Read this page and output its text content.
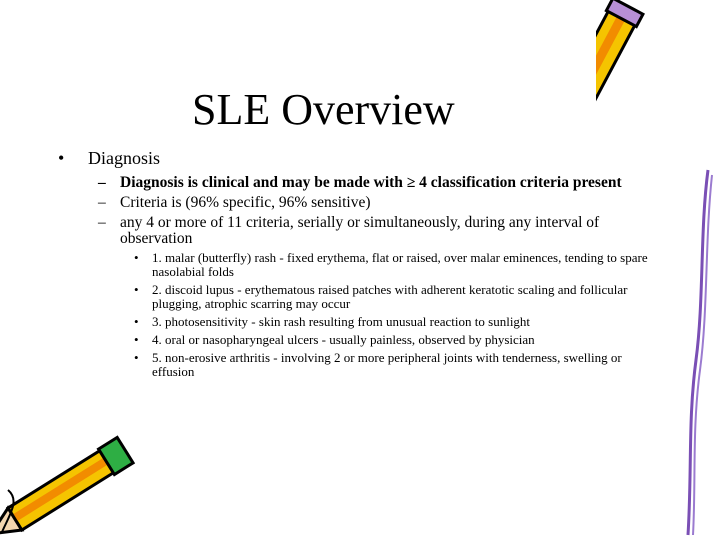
SLE Overview
• Diagnosis
– Diagnosis is clinical and may be made with ≥ 4 classification criteria present
– Criteria is (96% specific, 96% sensitive)
– any 4 or more of 11 criteria, serially or simultaneously, during any interval of observation
• 1. malar (butterfly) rash - fixed erythema, flat or raised, over malar eminences, tending to spare nasolabial folds
• 2. discoid lupus - erythematous raised patches with adherent keratotic scaling and follicular plugging, atrophic scarring may occur
• 3. photosensitivity - skin rash resulting from unusual reaction to sunlight
• 4. oral or nasopharyngeal ulcers - usually painless, observed by physician
• 5. non-erosive arthritis - involving 2 or more peripheral joints with tenderness, swelling or effusion
